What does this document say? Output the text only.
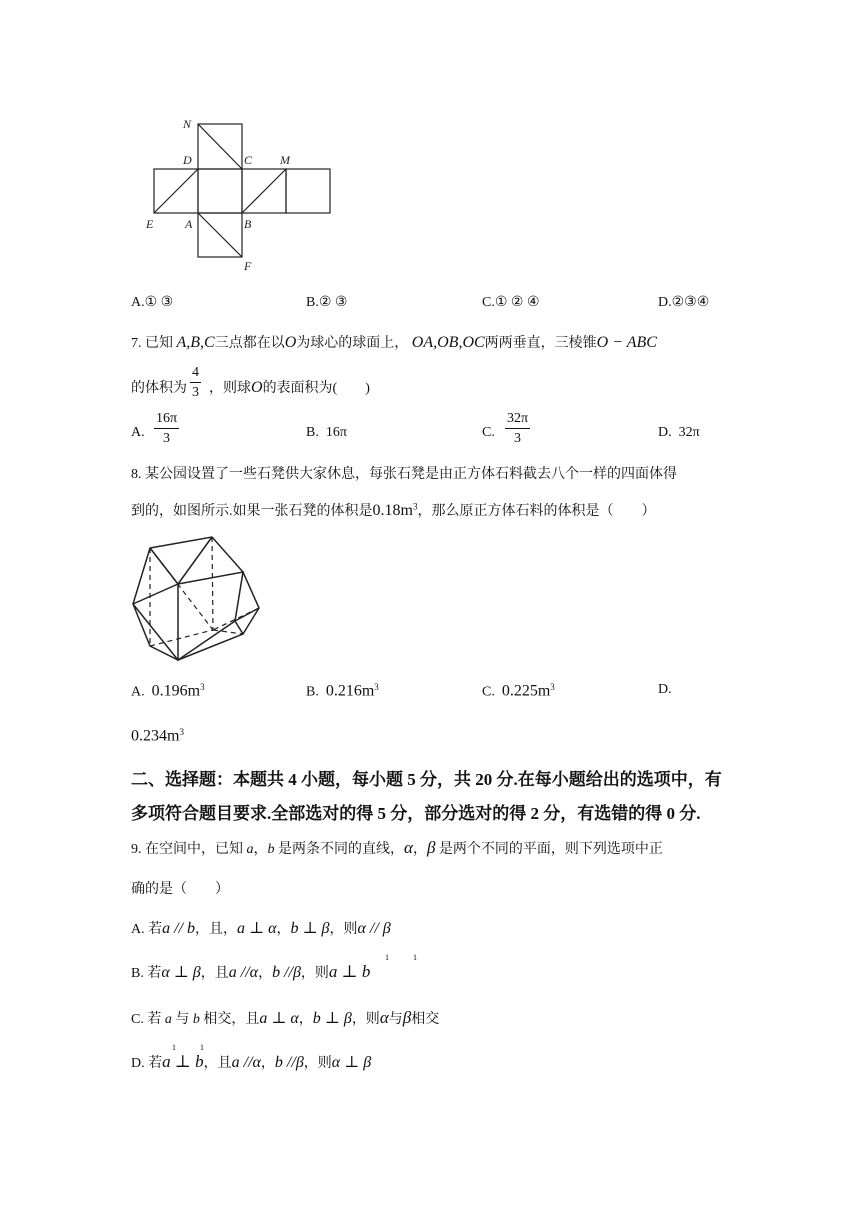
N
D	C M
E	A	B
F
A.① ③	B.② ③	C.① ② ④	D.②③④
7. 已知 A,B,C三点都在以O为球心的球面上， OA,OB,OC两两垂直，三棱锥O − ABC
的体积为 $\frac{4}{3}$ ，则球O的表面积为(　　)
A. $\frac{16\pi}{3}$	B. 16π	C. $\frac{32\pi}{3}$	D. 32π
8. 某公园设置了一些石凳供大家休息，每张石凳是由正方体石料截去八个一样的四面体得
到的，如图所示.如果一张石凳的体积是$0.18m^3$，那么原正方体石料的体积是（　　）
A. $0.196m^3$	B. $0.216m^3$	C. $0.225m^3$	D.
$0.234m^3$
二、选择题：本题共 4 小题，每小题 5 分，共 20 分.在每小题给出的选项中，有
多项符合题目要求.全部选对的得 5 分，部分选对的得 2 分，有选错的得 0 分.
9. 在空间中，已知 a，b 是两条不同的直线，α，β 是两个不同的平面，则下列选项中正
确的是（　　）
A. 若a // b，且，a ⊥ α，b ⊥ β，则α // β
B. 若α ⊥ β，且a //α，b //β，则a ⊥ b
1	1
C. 若 a 与 b 相交，且a ⊥ α，b ⊥ β，则α与β相交
D. 若a ⊥ b，且a //α，b //β，则α ⊥ β
1	1
